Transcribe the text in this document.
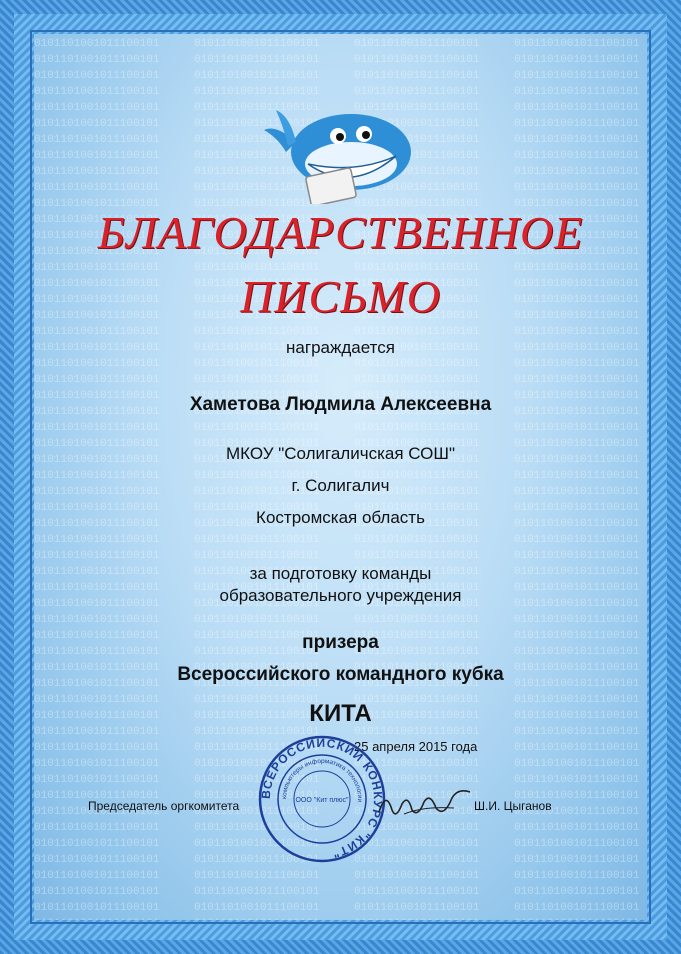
БЛАГОДАРСТВЕННОЕ
ПИСЬМО
награждается
Хаметова Людмила Алексеевна
МКОУ "Солигаличская СОШ"
г. Солигалич
Костромская область
за подготовку команды
образовательного учреждения
призера
Всероссийского командного кубка
КИТА
25 апреля 2015 года
ВСЕРОССИЙСКИЙ КОНКУРС "КИТ"
компьютеры информатика технологии
ООО "Кит плюс"
Председатель оргкомитета	Ш.И. Цыганов
